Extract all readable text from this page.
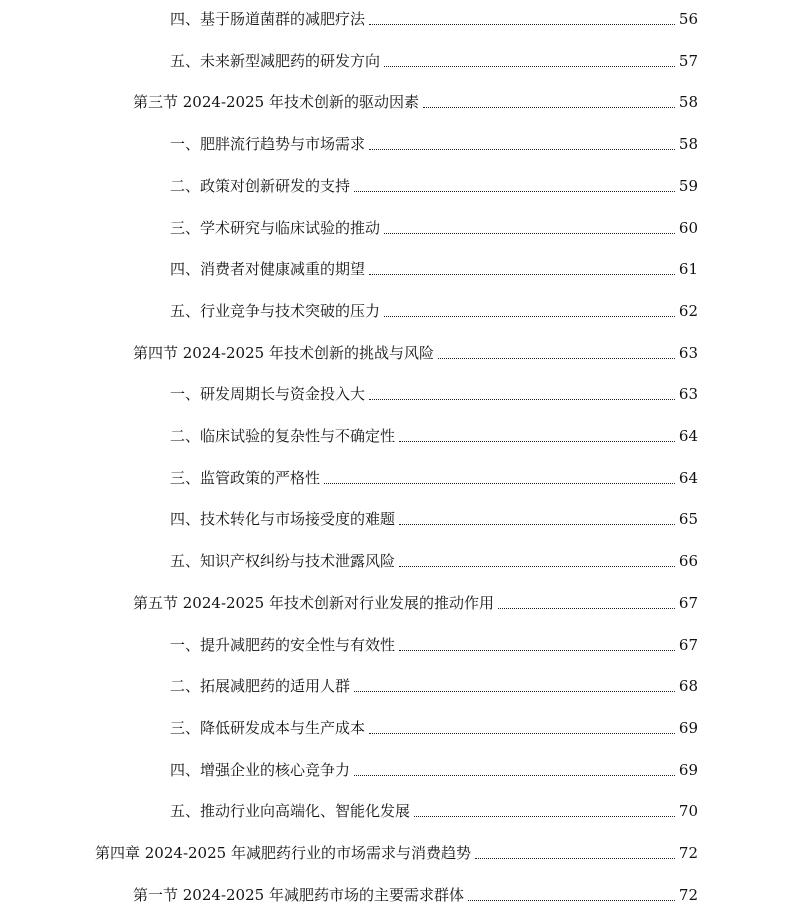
四、基于肠道菌群的减肥疗法	56
五、未来新型减肥药的研发方向	57
第三节 2024-2025 年技术创新的驱动因素	58
一、肥胖流行趋势与市场需求	58
二、政策对创新研发的支持	59
三、学术研究与临床试验的推动	60
四、消费者对健康减重的期望	61
五、行业竞争与技术突破的压力	62
第四节 2024-2025 年技术创新的挑战与风险	63
一、研发周期长与资金投入大	63
二、临床试验的复杂性与不确定性	64
三、监管政策的严格性	64
四、技术转化与市场接受度的难题	65
五、知识产权纠纷与技术泄露风险	66
第五节 2024-2025 年技术创新对行业发展的推动作用	67
一、提升减肥药的安全性与有效性	67
二、拓展减肥药的适用人群	68
三、降低研发成本与生产成本	69
四、增强企业的核心竞争力	69
五、推动行业向高端化、智能化发展	70
第四章 2024-2025 年减肥药行业的市场需求与消费趋势	72
第一节 2024-2025 年减肥药市场的主要需求群体	72
